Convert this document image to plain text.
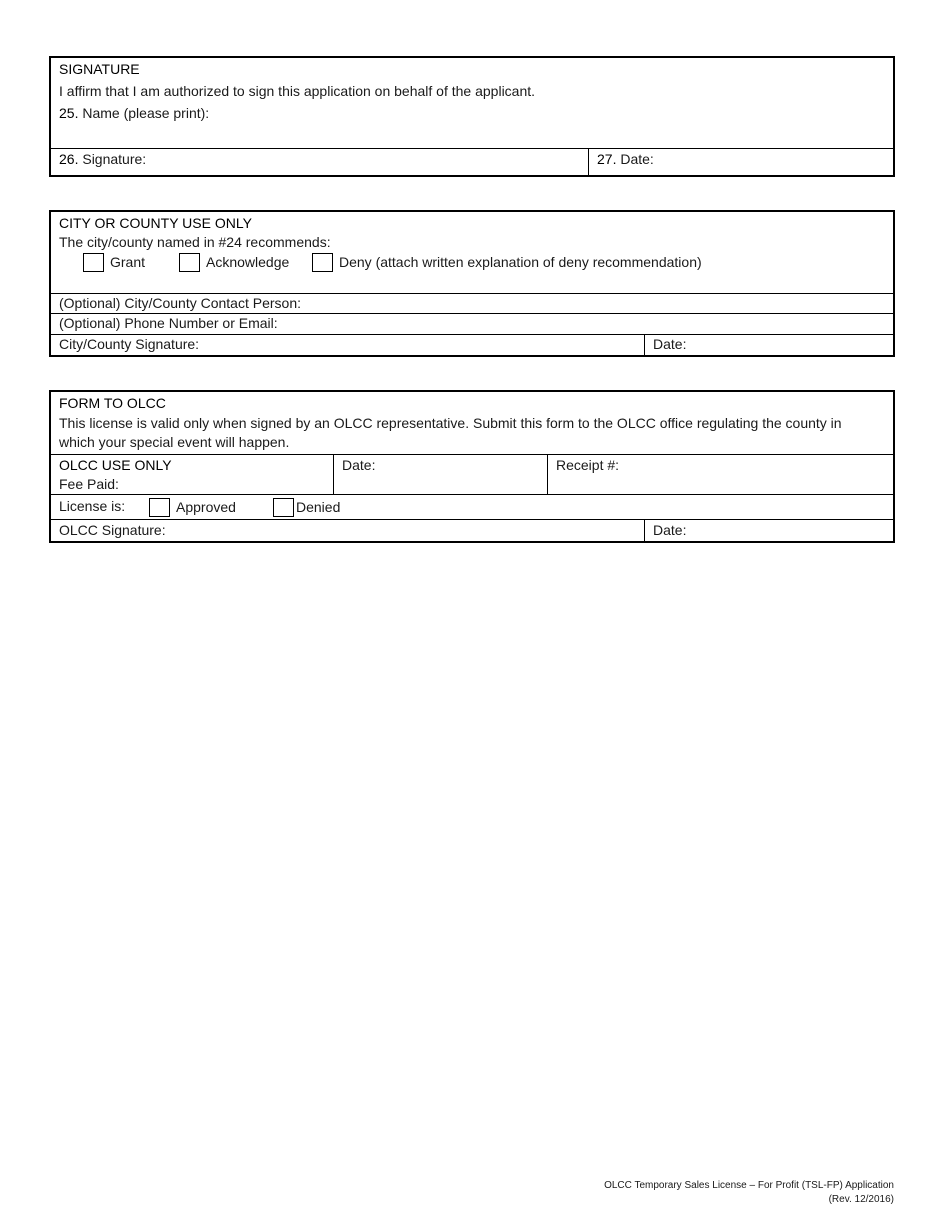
SIGNATURE
I affirm that I am authorized to sign this application on behalf of the applicant.
25. Name (please print):
26. Signature:	27. Date:
CITY OR COUNTY USE ONLY
The city/county named in #24 recommends:
Grant	Acknowledge	Deny (attach written explanation of deny recommendation)
(Optional) City/County Contact Person:
(Optional) Phone Number or Email:
City/County Signature:	Date:
FORM TO OLCC
This license is valid only when signed by an OLCC representative. Submit this form to the OLCC office regulating the county in
which your special event will happen.
OLCC USE ONLY
Fee Paid:
Date:	Receipt #:
License is:	Approved	Denied
OLCC Signature:	Date:
OLCC Temporary Sales License – For Profit (TSL-FP) Application
(Rev. 12/2016)
